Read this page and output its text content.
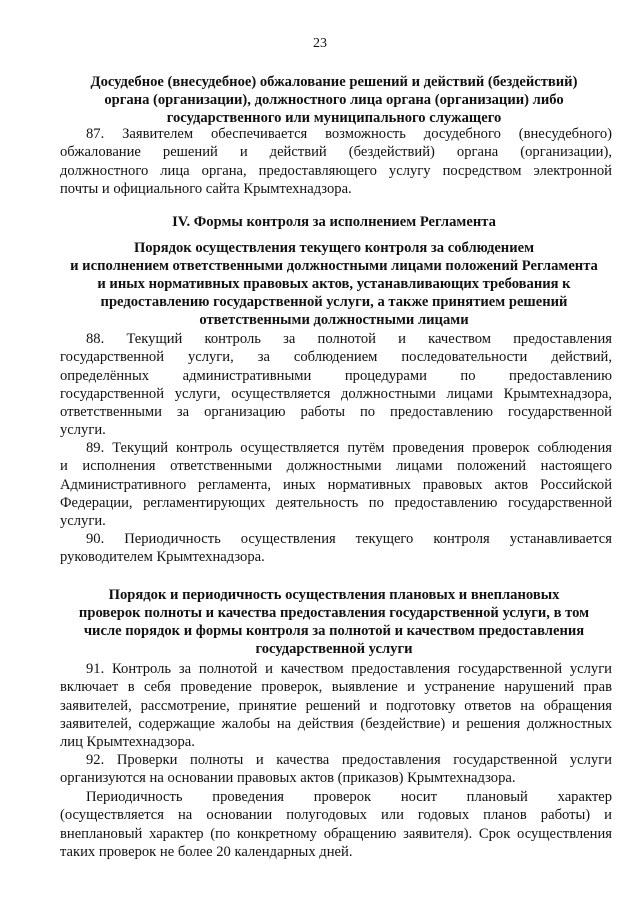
23
Досудебное (внесудебное) обжалование решений и действий (бездействий)
органа (организации), должностного лица органа (организации) либо
государственного или муниципального служащего
87. Заявителем обеспечивается возможность досудебного (внесудебного)
обжалование решений и действий (бездействий) органа (организации),
должностного лица органа, предоставляющего услугу посредством электронной
почты и официального сайта Крымтехнадзора.
IV. Формы контроля за исполнением Регламента
Порядок осуществления текущего контроля за соблюдением
и исполнением ответственными должностными лицами положений Регламента
и иных нормативных правовых актов, устанавливающих требования к
предоставлению государственной услуги, а также принятием решений
ответственными должностными лицами
88. Текущий контроль за полнотой и качеством предоставления
государственной услуги, за соблюдением последовательности действий,
определённых административными процедурами по предоставлению
государственной услуги, осуществляется должностными лицами Крымтехнадзора,
ответственными за организацию работы по предоставлению государственной
услуги.
89. Текущий контроль осуществляется путём проведения проверок соблюдения
и исполнения ответственными должностными лицами положений настоящего
Административного регламента, иных нормативных правовых актов Российской
Федерации, регламентирующих деятельность по предоставлению государственной
услуги.
90. Периодичность осуществления текущего контроля устанавливается
руководителем Крымтехнадзора.
Порядок и периодичность осуществления плановых и внеплановых
проверок полноты и качества предоставления государственной услуги, в том
числе порядок и формы контроля за полнотой и качеством предоставления
государственной услуги
91. Контроль за полнотой и качеством предоставления государственной услуги
включает в себя проведение проверок, выявление и устранение нарушений прав
заявителей, рассмотрение, принятие решений и подготовку ответов на обращения
заявителей, содержащие жалобы на действия (бездействие) и решения должностных
лиц Крымтехнадзора.
92. Проверки полноты и качества предоставления государственной услуги
организуются на основании правовых актов (приказов) Крымтехнадзора.
Периодичность проведения проверок носит плановый характер
(осуществляется на основании полугодовых или годовых планов работы) и
внеплановый характер (по конкретному обращению заявителя). Срок осуществления
таких проверок не более 20 календарных дней.
